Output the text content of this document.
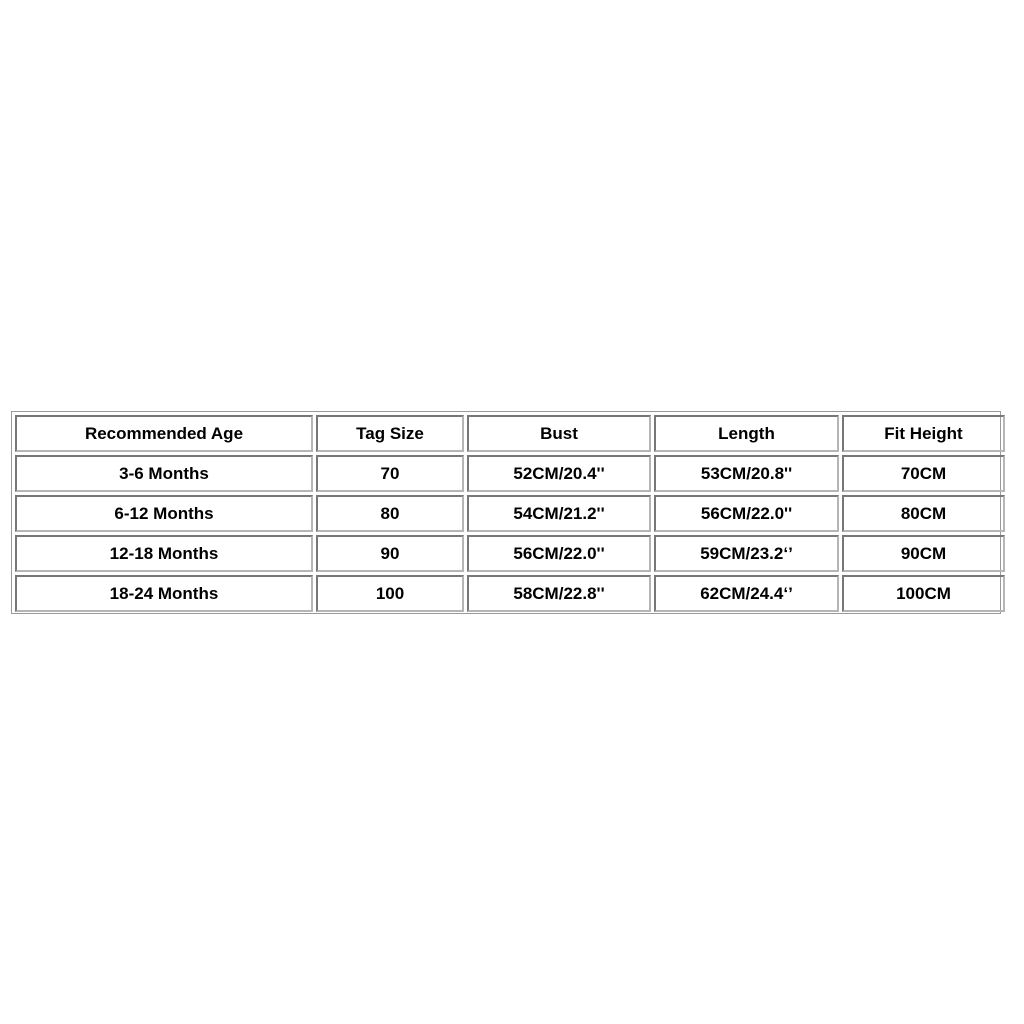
Recommended Age	Tag Size	Bust	Length	Fit Height
3-6 Months	70	52CM/20.4''	53CM/20.8''	70CM
6-12 Months	80	54CM/21.2''	56CM/22.0''	80CM
12-18 Months	90	56CM/22.0''	59CM/23.2‘’	90CM
18-24 Months	100	58CM/22.8''	62CM/24.4‘’	100CM
